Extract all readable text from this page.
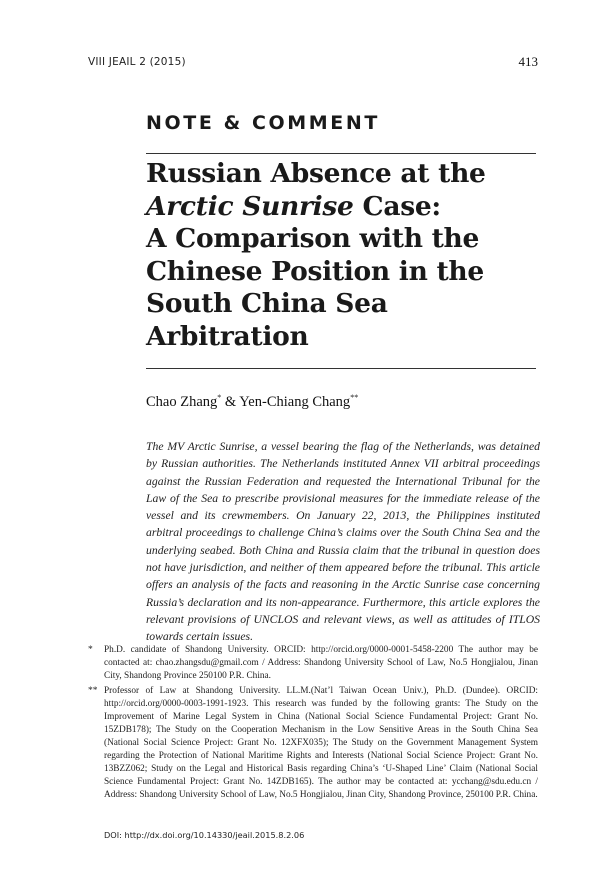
VIII JEAIL 2 (2015)	413
NOTE & COMMENT
Russian Absence at the
Arctic Sunrise Case:
A Comparison with the
Chinese Position in the
South China Sea
Arbitration
Chao Zhang* & Yen-Chiang Chang**
The MV Arctic Sunrise, a vessel bearing the flag of the Netherlands, was detained by Russian authorities. The Netherlands instituted Annex VII arbitral proceedings against the Russian Federation and requested the International Tribunal for the Law of the Sea to prescribe provisional measures for the immediate release of the vessel and its crewmembers. On January 22, 2013, the Philippines instituted arbitral proceedings to challenge China’s claims over the South China Sea and the underlying seabed. Both China and Russia claim that the tribunal in question does not have jurisdiction, and neither of them appeared before the tribunal. This article offers an analysis of the facts and reasoning in the Arctic Sunrise case concerning Russia’s declaration and its non-appearance. Furthermore, this article explores the relevant provisions of UNCLOS and relevant views, as well as attitudes of ITLOS towards certain issues.
* Ph.D. candidate of Shandong University. ORCID: http://orcid.org/0000-0001-5458-2200 The author may be contacted at: chao.zhangsdu@gmail.com / Address: Shandong University School of Law, No.5 Hongjialou, Jinan City, Shandong Province 250100 P.R. China.
** Professor of Law at Shandong University. LL.M.(Nat’l Taiwan Ocean Univ.), Ph.D. (Dundee). ORCID: http://orcid.org/0000-0003-1991-1923. This research was funded by the following grants: The Study on the Improvement of Marine Legal System in China (National Social Science Fundamental Project: Grant No. 15ZDB178); The Study on the Cooperation Mechanism in the Low Sensitive Areas in the South China Sea (National Social Science Project: Grant No. 12XFX035); The Study on the Government Management System regarding the Protection of National Maritime Rights and Interests (National Social Science Project: Grant No. 13BZZ062; Study on the Legal and Historical Basis regarding China’s ‘U-Shaped Line’ Claim (National Social Science Fundamental Project: Grant No. 14ZDB165). The author may be contacted at: ycchang@sdu.edu.cn / Address: Shandong University School of Law, No.5 Hongjialou, Jinan City, Shandong Province, 250100 P.R. China.
DOI: http://dx.doi.org/10.14330/jeail.2015.8.2.06
